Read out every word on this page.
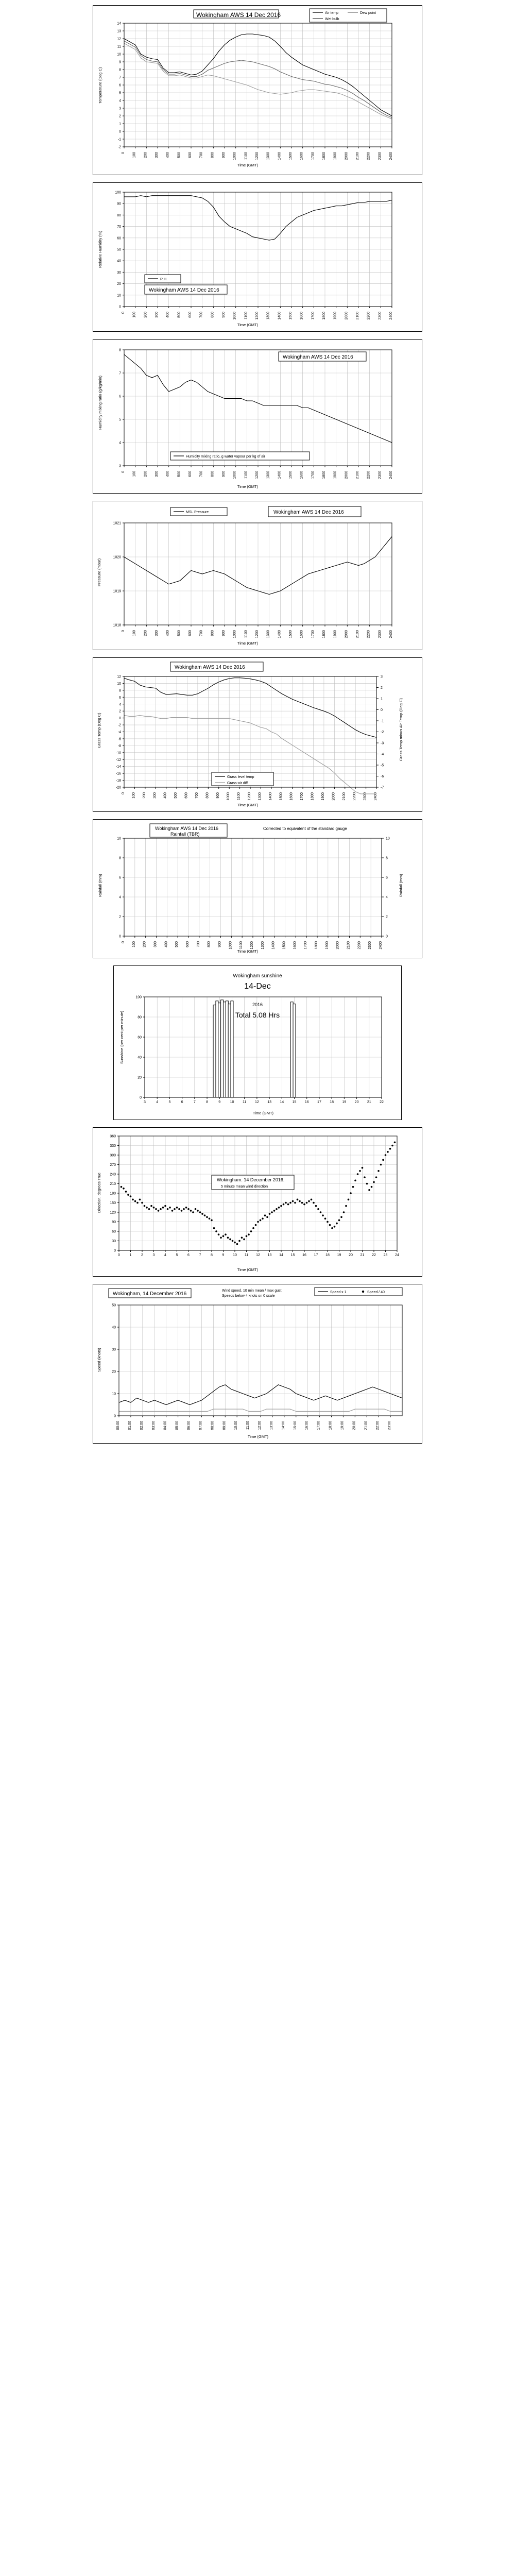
-2
-1
0
1
2
3
4
5
6
7
8
9
10
11
12
13
14
0 100 200 300 400 500 600 700 800 900 1000 1100 1200 1300 1400 1500 1600 1700 1800 1900 2000 2100 2200 2300 2400
Wokingham AWS 14 Dec 2016	Air temp	Dew point
Wet bulb
Temperature (Deg C)
Time (GMT)
0
10
20
30
40
50
60
70
80
90
100
0 100 200 300 400 500 600 700 800 900 1000 1100 1200 1300 1400 1500 1600 1700 1800 1900 2000 2100 2200 2300 2400
R.H.
Wokingham AWS 14 Dec 2016
Relative Humidity (%)
Time (GMT)
3
4
5
6
7
8
0 100 200 300 400 500 600 700 800 900 1000 1100 1200 1300 1400 1500 1600 1700 1800 1900 2000 2100 2200 2300 2400
Wokingham AWS 14 Dec 2016
Humidity mixing ratio, g water vapour per kg of air
Humidity mixing ratio (g/kg/min)
Time (GMT)
1018
1019
1020
1021
0 100 200 300 400 500 600 700 800 900 1000 1100 1200 1300 1400 1500 1600 1700 1800 1900 2000 2100 2200 2300 2400
MSL Pressure	Wokingham AWS 14 Dec 2016
Pressure (mbar)
Time (GMT)
-20
-18
-16
-14
-12
-10
-8
-6
-4
-2
0
2
4
6
8
10
12
0 100 200 300 400 500 600 700 800 900 1000 1100 1200 1300 1400 1500 1600 1700 1800 1900 2000 2100 2200 2300 2400
-7
-6
-5
-4
-3
-2
-1
0
1
2
3
Wokingham AWS 14 Dec 2016
Grass level temp
Grass-air diff
Grass Temp (Deg C)	Grass Temp minus Air Temp (Deg C)
Time (GMT)
0
2
4
6
8
10
0 100 200 300 400 500 600 700 800 900 1000 1100 1200 1300 1400 1500 1600 1700 1800 1900 2000 2100 2200 2300 2400
0
2
4
6
8
10
Wokingham AWS 14 Dec 2016
Rainfall (TBR)
Corrected to equivalent of the standard gauge
Rainfall (mm)	Rainfall (mm)
Time (GMT)
0
20
40
60
80
100
3	4	5	6	7	8	9	10 11 12 13 14 15 16 17 18 19 20 21 22
Wokingham sunshine
14-Dec
2016
Total 5.08 Hrs
Sunshine (per cent per minute)
Time (GMT)
0
30
60
90
120
150
180
210
240
270
300
330
360
0	1	2	3	4	5	6	7	8	9 10 11 12 13 14 15 16 17 18 19 20 21 22 23 24
Wokingham. 14 December 2016.
5 minute mean wind direction
Direction, degrees True
Time (GMT)
0
10
20
30
40
50
00:00 01:00 02:00 03:00 04:00 05:00 06:00 07:00 08:00 09:00 10:00 11:00 12:00 13:00 14:00 15:00 16:00 17:00 18:00 19:00 20:00 21:00 22:00 23:00
Wokingham, 14 December 2016
Wind speed, 10 min mean / max gust
Speeds below 4 knots on 0 scale
Speed x 1	Speed / 40
Speed (knots)
Time (GMT)
